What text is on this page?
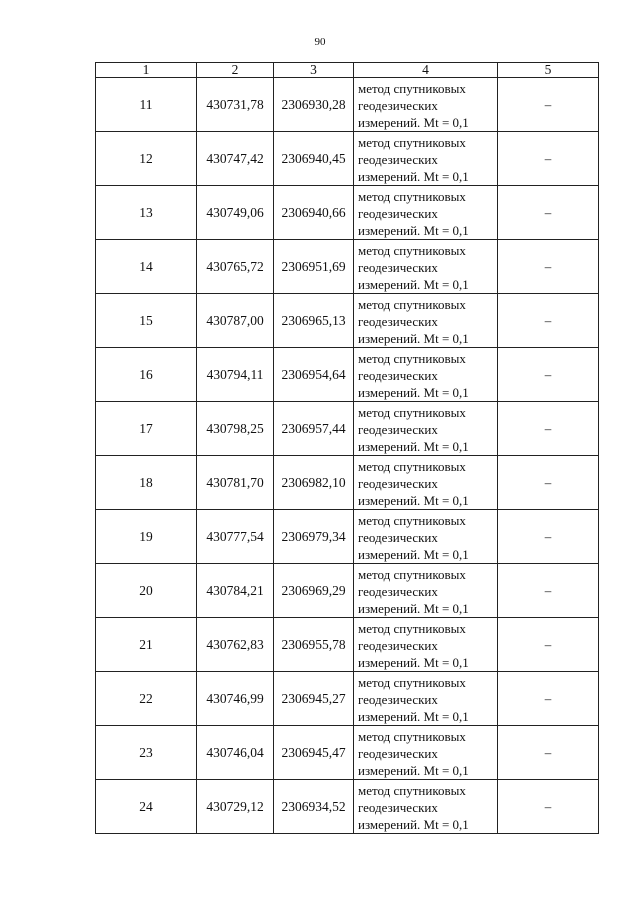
90
1	2	3	4	5
11	430731,78	2306930,28	метод спутниковых геодезических измерений. Mt = 0,1	–
12	430747,42	2306940,45	метод спутниковых геодезических измерений. Mt = 0,1	–
13	430749,06	2306940,66	метод спутниковых геодезических измерений. Mt = 0,1	–
14	430765,72	2306951,69	метод спутниковых геодезических измерений. Mt = 0,1	–
15	430787,00	2306965,13	метод спутниковых геодезических измерений. Mt = 0,1	–
16	430794,11	2306954,64	метод спутниковых геодезических измерений. Mt = 0,1	–
17	430798,25	2306957,44	метод спутниковых геодезических измерений. Mt = 0,1	–
18	430781,70	2306982,10	метод спутниковых геодезических измерений. Mt = 0,1	–
19	430777,54	2306979,34	метод спутниковых геодезических измерений. Mt = 0,1	–
20	430784,21	2306969,29	метод спутниковых геодезических измерений. Mt = 0,1	–
21	430762,83	2306955,78	метод спутниковых геодезических измерений. Mt = 0,1	–
22	430746,99	2306945,27	метод спутниковых геодезических измерений. Mt = 0,1	–
23	430746,04	2306945,47	метод спутниковых геодезических измерений. Mt = 0,1	–
24	430729,12	2306934,52	метод спутниковых геодезических измерений. Mt = 0,1	–
